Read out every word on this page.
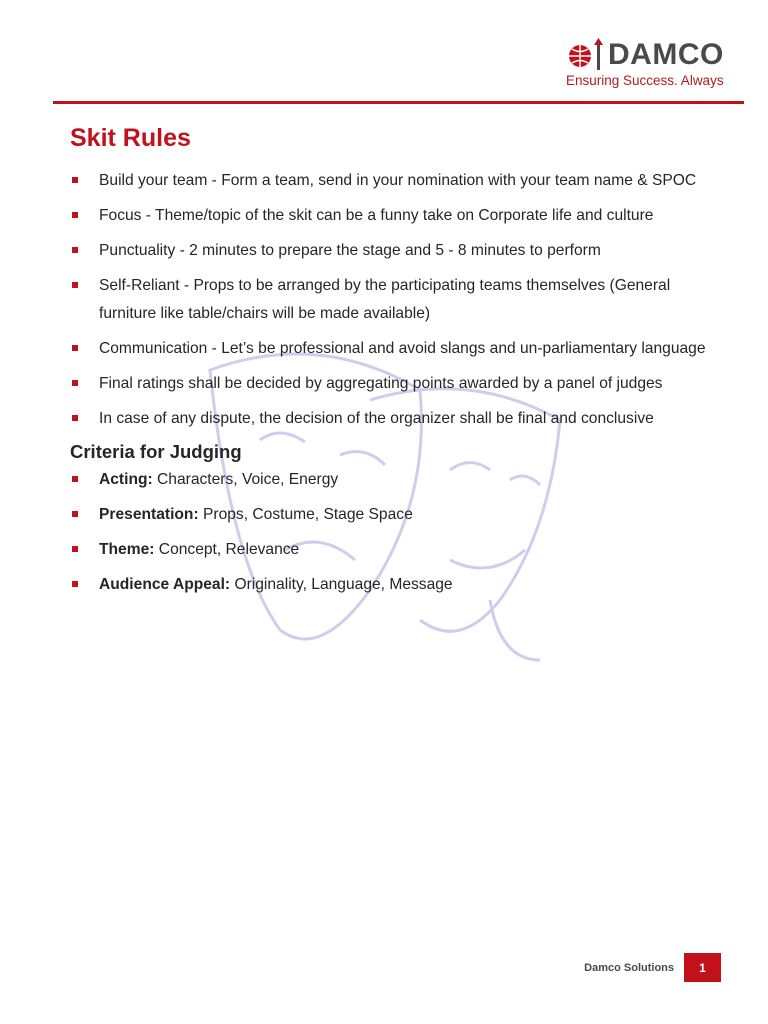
DAMCO
Ensuring Success. Always
Skit Rules
Build your team - Form a team, send in your nomination with your team name & SPOC
Focus - Theme/topic of the skit can be a funny take on Corporate life and culture
Punctuality - 2 minutes to prepare the stage and 5 - 8 minutes to perform
Self-Reliant - Props to be arranged by the participating teams themselves (General furniture like table/chairs will be made available)
Communication - Let’s be professional and avoid slangs and un-parliamentary language
Final ratings shall be decided by aggregating points awarded by a panel of judges
In case of any dispute, the decision of the organizer shall be final and conclusive
Criteria for Judging
Acting: Characters, Voice, Energy
Presentation: Props, Costume, Stage Space
Theme: Concept, Relevance
Audience Appeal: Originality, Language, Message
Damco Solutions	1
